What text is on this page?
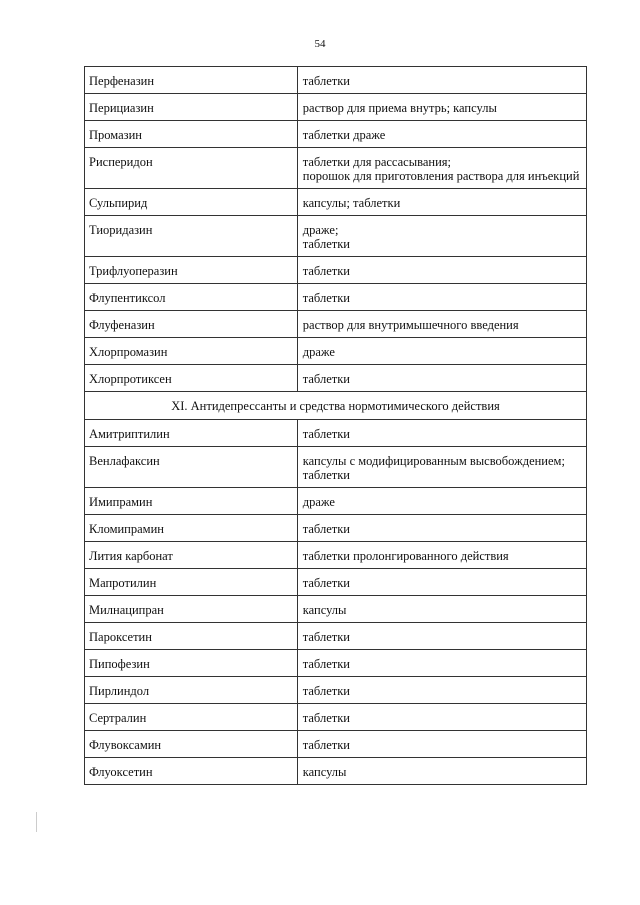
54
Перфеназин	таблетки
Перициазин	раствор для приема внутрь; капсулы
Промазин	таблетки драже
Рисперидон	таблетки для рассасывания;
порошок для приготовления раствора для инъекций
Сульпирид	капсулы; таблетки
Тиоридазин	драже;
таблетки
Трифлуоперазин	таблетки
Флупентиксол	таблетки
Флуфеназин	раствор для внутримышечного введения
Хлорпромазин	драже
Хлорпротиксен	таблетки
XI. Антидепрессанты и средства нормотимического действия	
Амитриптилин	таблетки
Венлафаксин	капсулы с модифицированным высвобождением;
таблетки
Имипрамин	драже
Кломипрамин	таблетки
Лития карбонат	таблетки пролонгированного действия
Мапротилин	таблетки
Милнаципран	капсулы
Пароксетин	таблетки
Пипофезин	таблетки
Пирлиндол	таблетки
Сертралин	таблетки
Флувоксамин	таблетки
Флуоксетин	капсулы
